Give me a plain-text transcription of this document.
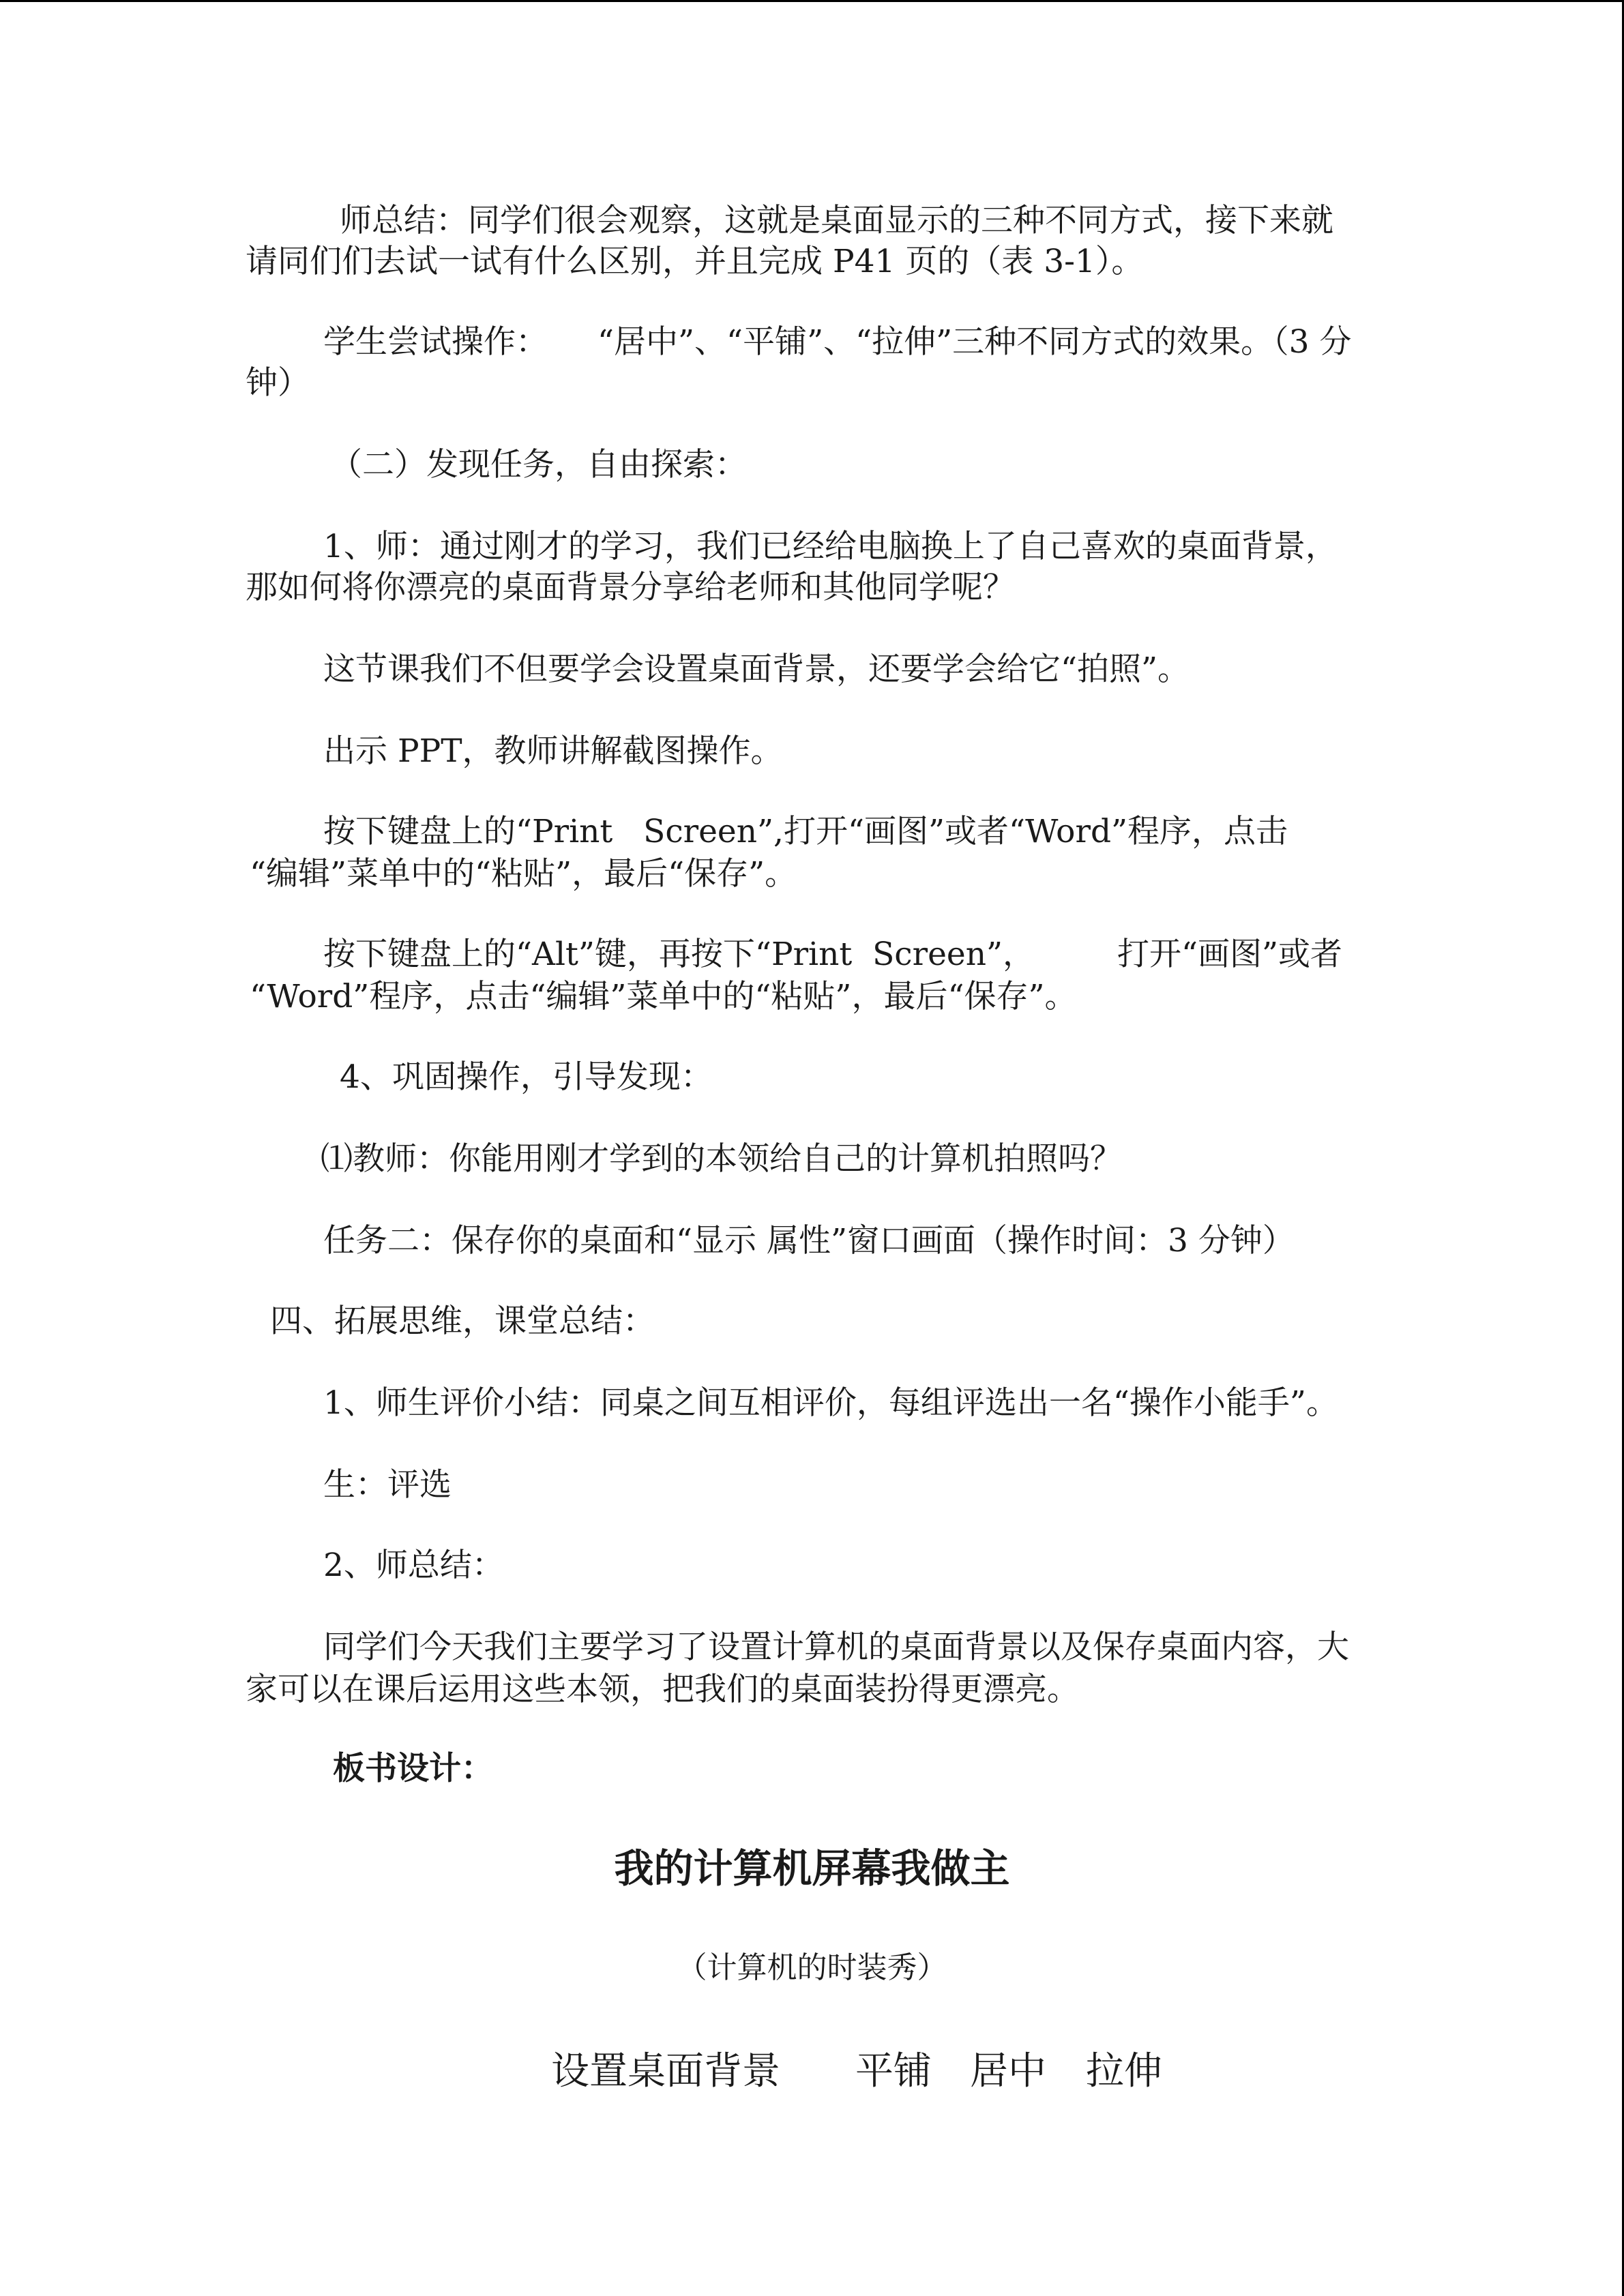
师总结：同学们很会观察，这就是桌面显示的三种不同方式，接下来就

请同们们去试一试有什么区别，并且完成 P41 页的（表 3-1）。

学生尝试操作：

“居中”、“平铺”、“拉伸”三种不同方式的效果。（3 分

钟）

（二）发现任务，自由探索：

1、师：通过刚才的学习，我们已经给电脑换上了自己喜欢的桌面背景，

那如何将你漂亮的桌面背景分享给老师和其他同学呢？

这节课我们不但要学会设置桌面背景，还要学会给它“拍照”。

出示 PPT，教师讲解截图操作。

按下键盘上的“Print   Screen”,打开“画图”或者“Word”程序，点击

“编辑”菜单中的“粘贴”，最后“保存”。

按下键盘上的“Alt”键，再按下“Print  Screen”，

	打开“画图”或者

“Word”程序，点击“编辑”菜单中的“粘贴”，最后“保存”。

4、巩固操作，引导发现：

⑴教师：你能用刚才学到的本领给自己的计算机拍照吗？

任务二：保存你的桌面和“显示 属性”窗口画面（操作时间：3 分钟）

四、拓展思维，课堂总结：

1、师生评价小结：同桌之间互相评价，每组评选出一名“操作小能手”。

生：评选

2、师总结：

同学们今天我们主要学习了设置计算机的桌面背景以及保存桌面内容，大

家可以在课后运用这些本领，把我们的桌面装扮得更漂亮。

板书设计：

我的计算机屏幕我做主
（计算机的时装秀）
设置桌面背景 平铺 居中 拉伸
